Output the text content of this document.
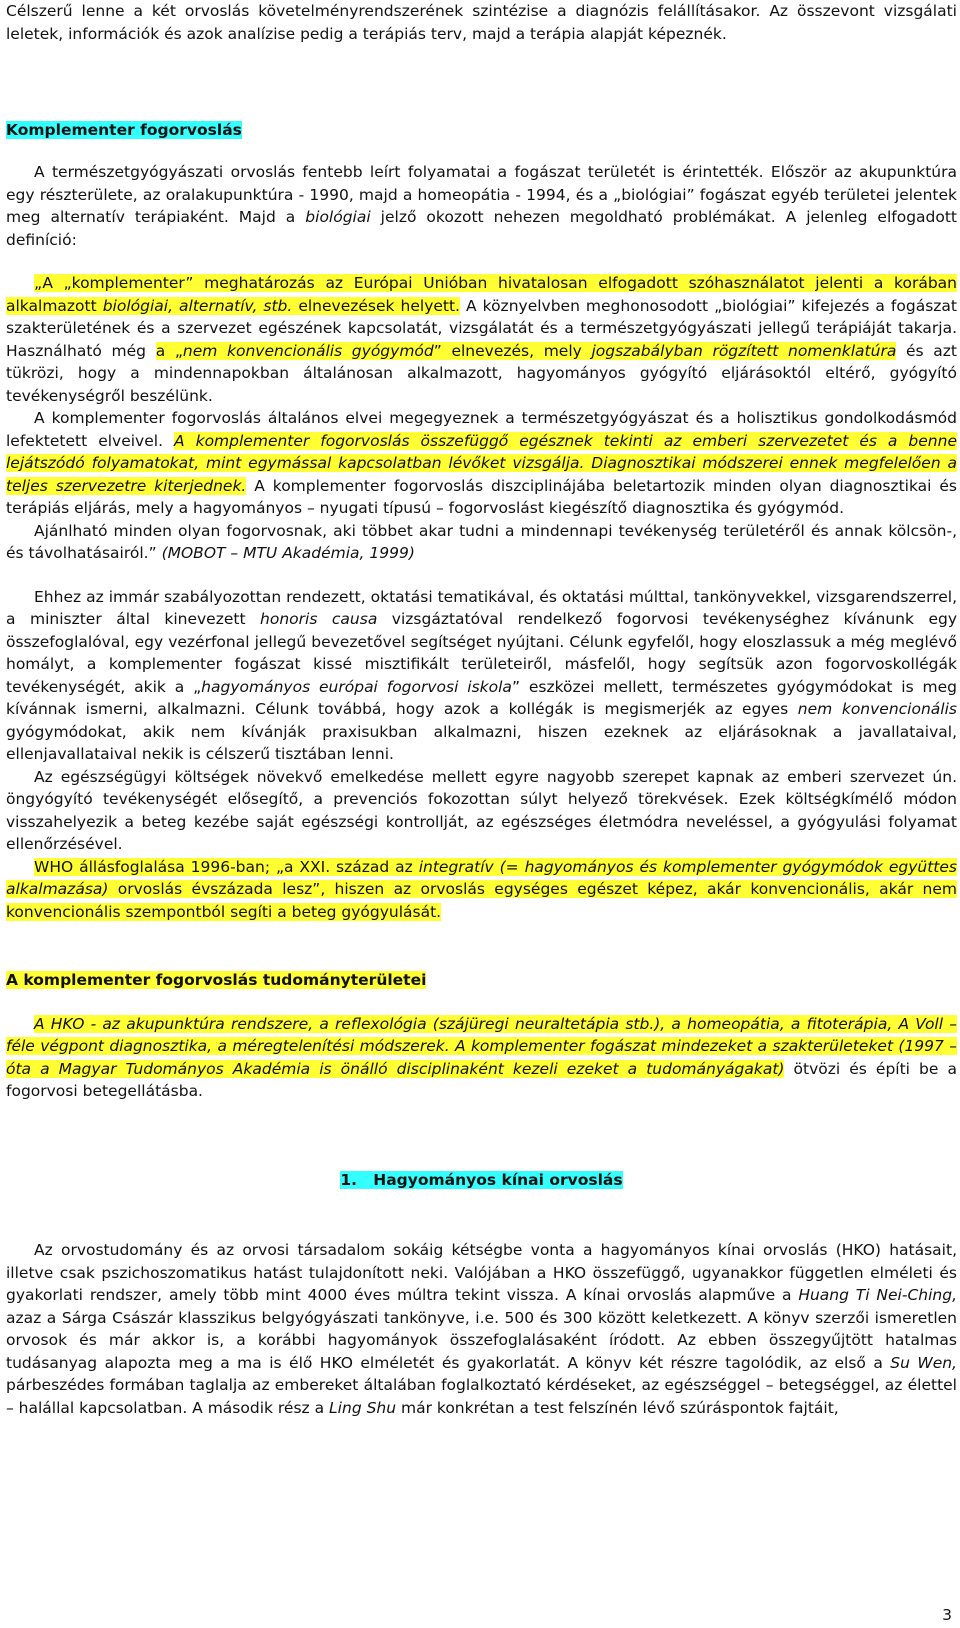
Célszerű lenne a két orvoslás követelményrendszerének szintézise a diagnózis felállításakor. Az összevont vizsgálati leletek, információk és azok analízise pedig a terápiás terv, majd a terápia alapját képeznék.

Komplementer fogorvoslás

A természetgyógyászati orvoslás fentebb leírt folyamatai a fogászat területét is érintették. Először az akupunktúra egy részterülete, az oralakupunktúra - 1990, majd a homeopátia - 1994, és a „biológiai” fogászat egyéb területei jelentek meg alternatív terápiaként. Majd a biológiai jelző okozott nehezen megoldható problémákat. A jelenleg elfogadott definíció:

„A „komplementer” meghatározás az Európai Unióban hivatalosan elfogadott szóhasználatot jelenti a korában alkalmazott biológiai, alternatív, stb. elnevezések helyett. A köznyelvben meghonosodott „biológiai” kifejezés a fogászat szakterületének és a szervezet egészének kapcsolatát, vizsgálatát és a természetgyógyászati jellegű terápiáját takarja. Használható még a „nem konvencionális gyógymód” elnevezés, mely jogszabályban rögzített nomenklatúra és azt tükrözi, hogy a mindennapokban általánosan alkalmazott, hagyományos gyógyító eljárásoktól eltérő, gyógyító tevékenységről beszélünk.

A komplementer fogorvoslás általános elvei megegyeznek a természetgyógyászat és a holisztikus gondolkodásmód lefektetett elveivel. A komplementer fogorvoslás összefüggő egésznek tekinti az emberi szervezetet és a benne lejátszódó folyamatokat, mint egymással kapcsolatban lévőket vizsgálja. Diagnosztikai módszerei ennek megfelelően a teljes szervezetre kiterjednek. A komplementer fogorvoslás diszciplinájába beletartozik minden olyan diagnosztikai és terápiás eljárás, mely a hagyományos – nyugati típusú – fogorvoslást kiegészítő diagnosztika és gyógymód.

Ajánlható minden olyan fogorvosnak, aki többet akar tudni a mindennapi tevékenység területéről és annak kölcsön-, és távolhatásairól.” (MOBOT – MTU Akadémia, 1999)

Ehhez az immár szabályozottan rendezett, oktatási tematikával, és oktatási múlttal, tankönyvekkel, vizsgarendszerrel, a miniszter által kinevezett honoris causa vizsgáztatóval rendelkező fogorvosi tevékenységhez kívánunk egy összefoglalóval, egy vezérfonal jellegű bevezetővel segítséget nyújtani. Célunk egyfelől, hogy eloszlassuk a még meglévő homályt, a komplementer fogászat kissé misztifikált területeiről, másfelől, hogy segítsük azon fogorvoskollégák tevékenységét, akik a „hagyományos európai fogorvosi iskola” eszközei mellett, természetes gyógymódokat is meg kívánnak ismerni, alkalmazni. Célunk továbbá, hogy azok a kollégák is megismerjék az egyes nem konvencionális gyógymódokat, akik nem kívánják praxisukban alkalmazni, hiszen ezeknek az eljárásoknak a javallataival, ellenjavallataival nekik is célszerű tisztában lenni.

Az egészségügyi költségek növekvő emelkedése mellett egyre nagyobb szerepet kapnak az emberi szervezet ún. öngyógyító tevékenységét elősegítő, a prevenciós fokozottan súlyt helyező törekvések. Ezek költségkímélő módon visszahelyezik a beteg kezébe saját egészségi kontrollját, az egészséges életmódra neveléssel, a gyógyulási folyamat ellenőrzésével.

WHO állásfoglalása 1996-ban; „a XXI. század az integratív (= hagyományos és komplementer gyógymódok együttes alkalmazása) orvoslás évszázada lesz”, hiszen az orvoslás egységes egészet képez, akár konvencionális, akár nem konvencionális szempontból segíti a beteg gyógyulását.

A komplementer fogorvoslás tudományterületei

A HKO - az akupunktúra rendszere, a reflexológia (szájüregi neuraltetápia stb.), a homeopátia, a fitoterápia, A Voll – féle végpont diagnosztika, a méregtelenítési módszerek. A komplementer fogászat mindezeket a szakterületeket (1997 – óta a Magyar Tudományos Akadémia is önálló disciplinaként kezeli ezeket a tudományágakat) ötvözi és építi be a fogorvosi betegellátásba.

1.   Hagyományos kínai orvoslás

Az orvostudomány és az orvosi társadalom sokáig kétségbe vonta a hagyományos kínai orvoslás (HKO) hatásait, illetve csak pszichoszomatikus hatást tulajdonított neki. Valójában a HKO összefüggő, ugyanakkor független elméleti és gyakorlati rendszer, amely több mint 4000 éves múltra tekint vissza. A kínai orvoslás alapműve a Huang Ti Nei-Ching, azaz a Sárga Császár klasszikus belgyógyászati tankönyve, i.e. 500 és 300 között keletkezett. A könyv szerzői ismeretlen orvosok és már akkor is, a korábbi hagyományok összefoglalásaként íródott. Az ebben összegyűjtött hatalmas tudásanyag alapozta meg a ma is élő HKO elméletét és gyakorlatát. A könyv két részre tagolódik, az első a Su Wen, párbeszédes formában taglalja az embereket általában foglalkoztató kérdéseket, az egészséggel – betegséggel, az élettel – halállal kapcsolatban. A második rész a Ling Shu már konkrétan a test felszínén lévő szúráspontok fajtáit,

3
